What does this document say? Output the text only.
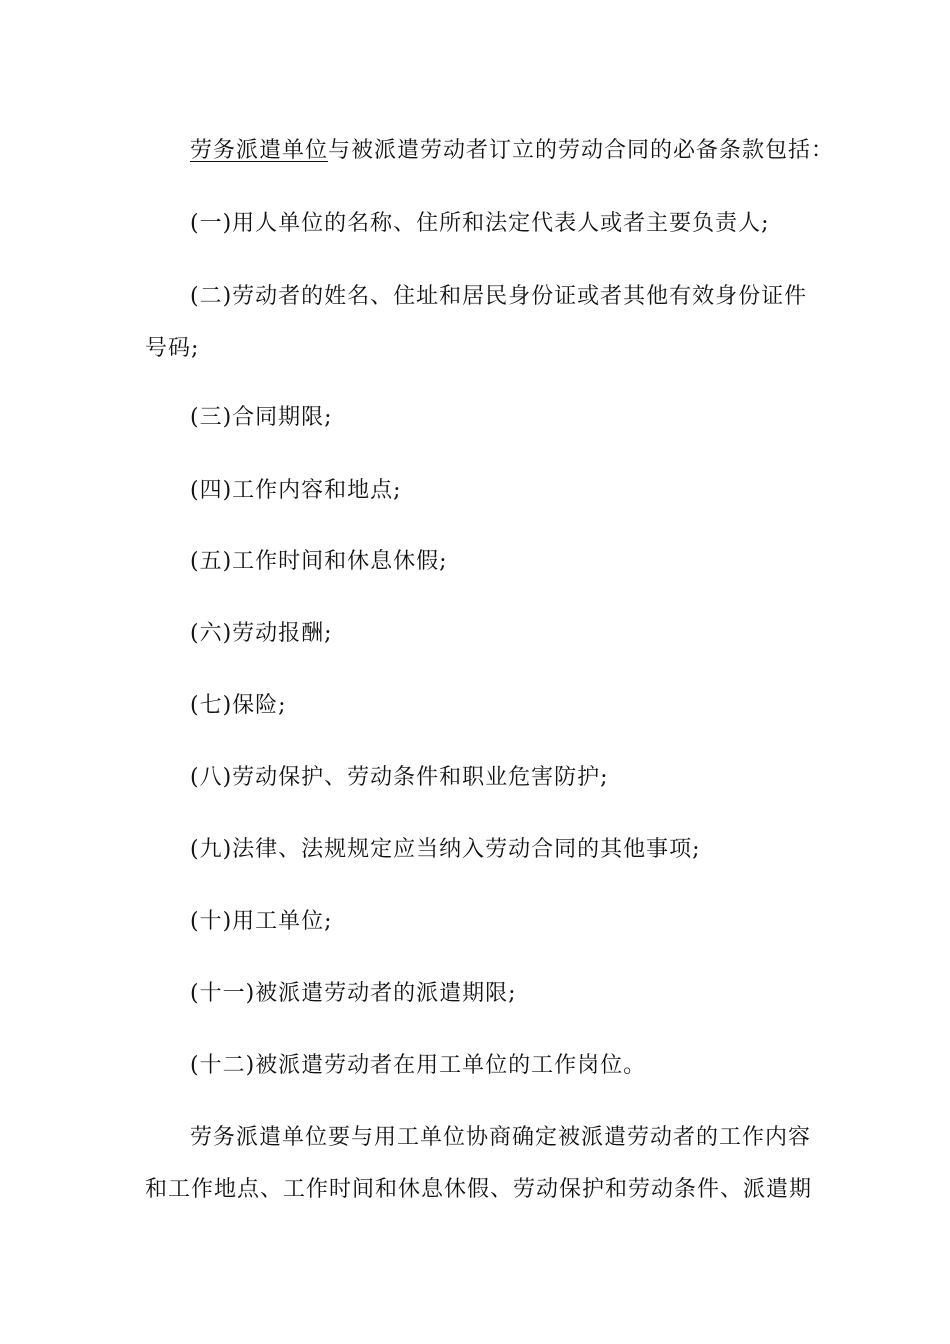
劳务派遣单位与被派遣劳动者订立的劳动合同的必备条款包括：
(一)用人单位的名称、住所和法定代表人或者主要负责人;
(二)劳动者的姓名、住址和居民身份证或者其他有效身份证件
号码;
(三)合同期限;
(四)工作内容和地点;
(五)工作时间和休息休假;
(六)劳动报酬;
(七)保险;
(八)劳动保护、劳动条件和职业危害防护;
(九)法律、法规规定应当纳入劳动合同的其他事项;
(十)用工单位;
(十一)被派遣劳动者的派遣期限;
(十二)被派遣劳动者在用工单位的工作岗位。
劳务派遣单位要与用工单位协商确定被派遣劳动者的工作内容
和工作地点、工作时间和休息休假、劳动保护和劳动条件、派遣期
